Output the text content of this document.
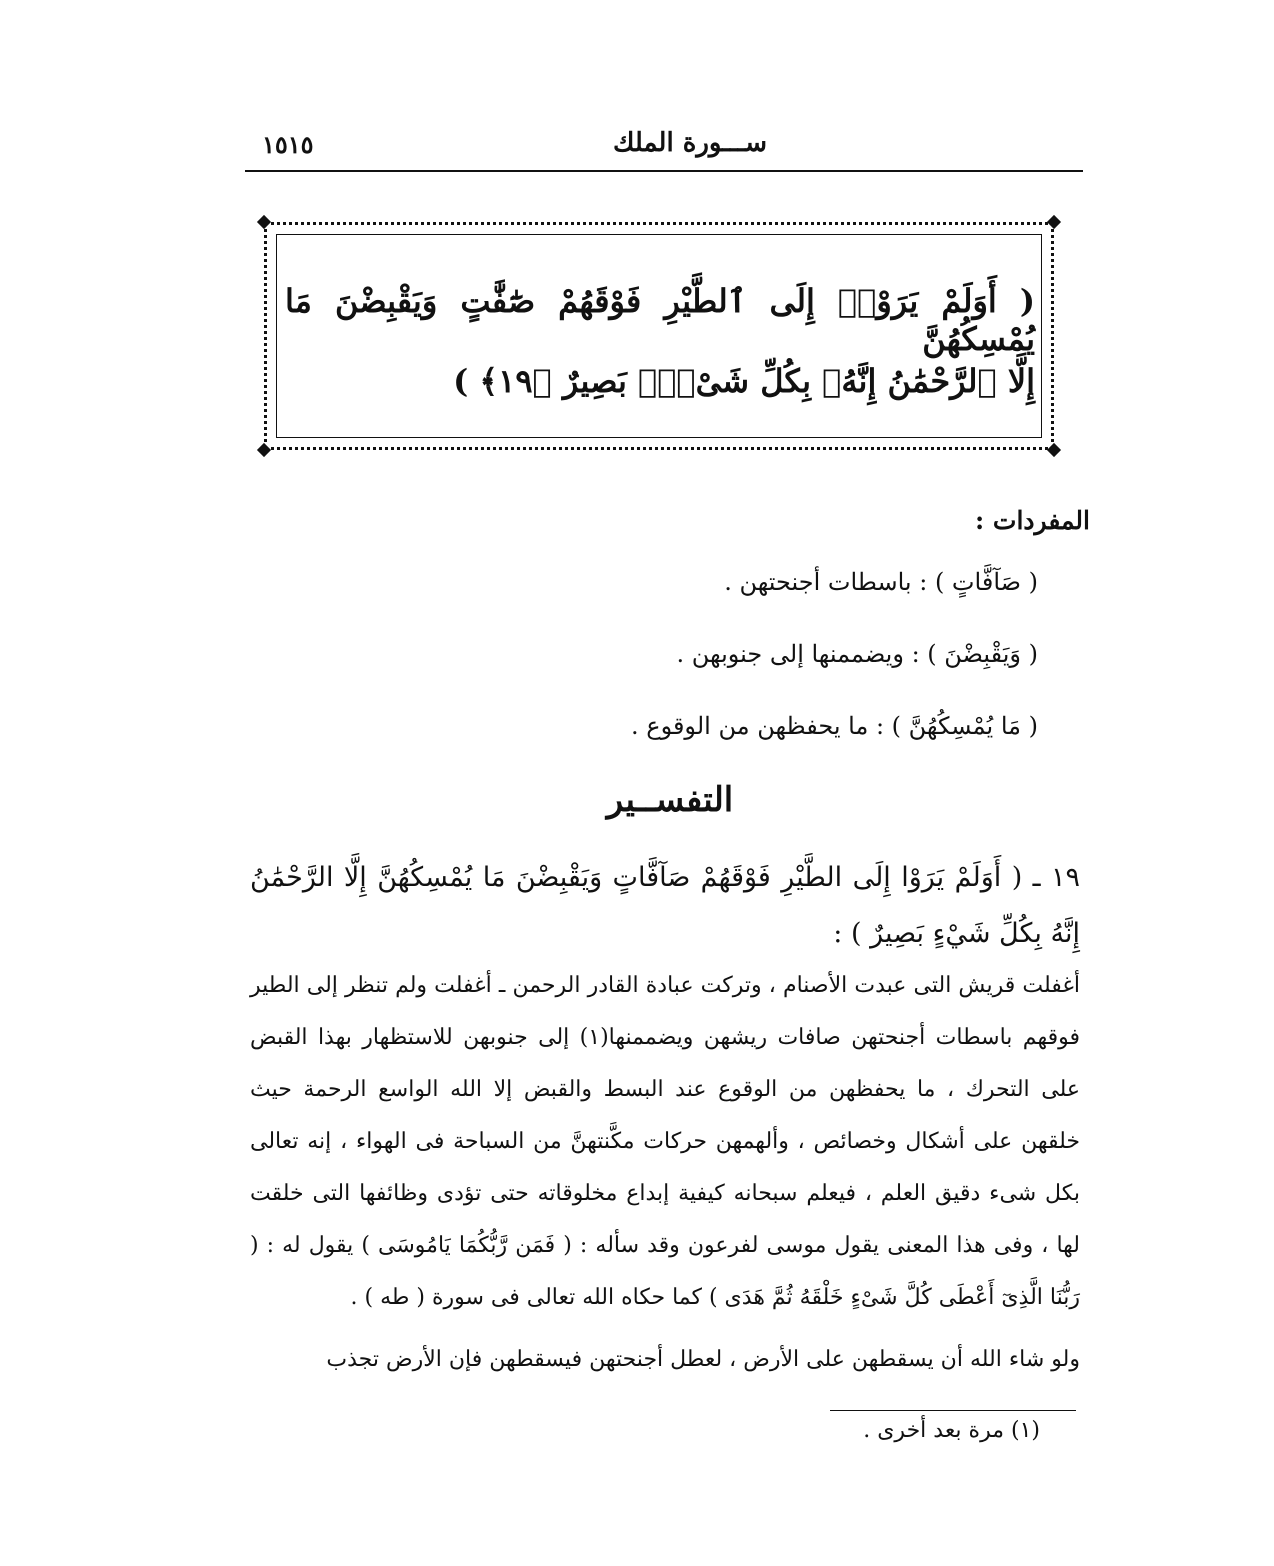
ســـورة الملك
١٥١٥
( أَوَلَمْ يَرَوْا۟ إِلَى ٱلطَّيْرِ فَوْقَهُمْ صَٰٓفَّٰتٍ وَيَقْبِضْنَ مَا يُمْسِكُهُنَّ
إِلَّا ٱلرَّحْمَٰنُ إِنَّهُۥ بِكُلِّ شَىْءٍۭ بَصِيرٌ ﴿١٩﴾ )
المفردات :
( صَآفَّاتٍ ) : باسطات أجنحتهن .
( وَيَقْبِضْنَ ) : ويضممنها إلى جنوبهن .
( مَا يُمْسِكُهُنَّ ) : ما يحفظهن من الوقوع .
التفســير
١٩ ـ ( أَوَلَمْ يَرَوْا إِلَى الطَّيْرِ فَوْقَهُمْ صَآفَّاتٍ وَيَقْبِضْنَ مَا يُمْسِكُهُنَّ إِلَّا الرَّحْمَٰنُ إِنَّهُ بِكُلِّ شَيْءٍ بَصِيرٌ ) :
أغفلت قريش التى عبدت الأصنام ، وتركت عبادة القادر الرحمن ـ أغفلت ولم تنظر إلى الطير فوقهم باسطات أجنحتهن صافات ريشهن ويضممنها(١) إلى جنوبهن للاستظهار بهذا القبض على التحرك ، ما يحفظهن من الوقوع عند البسط والقبض إلا الله الواسع الرحمة حيث خلقهن على أشكال وخصائص ، وألهمهن حركات مكَّنتهنَّ من السباحة فى الهواء ، إنه تعالى بكل شىء دقيق العلم ، فيعلم سبحانه كيفية إبداع مخلوقاته حتى تؤدى وظائفها التى خلقت لها ، وفى هذا المعنى يقول موسى لفرعون وقد سأله : ( فَمَن رَّبُّكُمَا يَامُوسَى ) يقول له : ( رَبُّنَا الَّذِىٓ أَعْطَى كُلَّ شَىْءٍ خَلْقَهُ ثُمَّ هَدَى ) كما حكاه الله تعالى فى سورة ( طه ) .
ولو شاء الله أن يسقطهن على الأرض ، لعطل أجنحتهن فيسقطهن فإن الأرض تجذب
(١) مرة بعد أخرى .
